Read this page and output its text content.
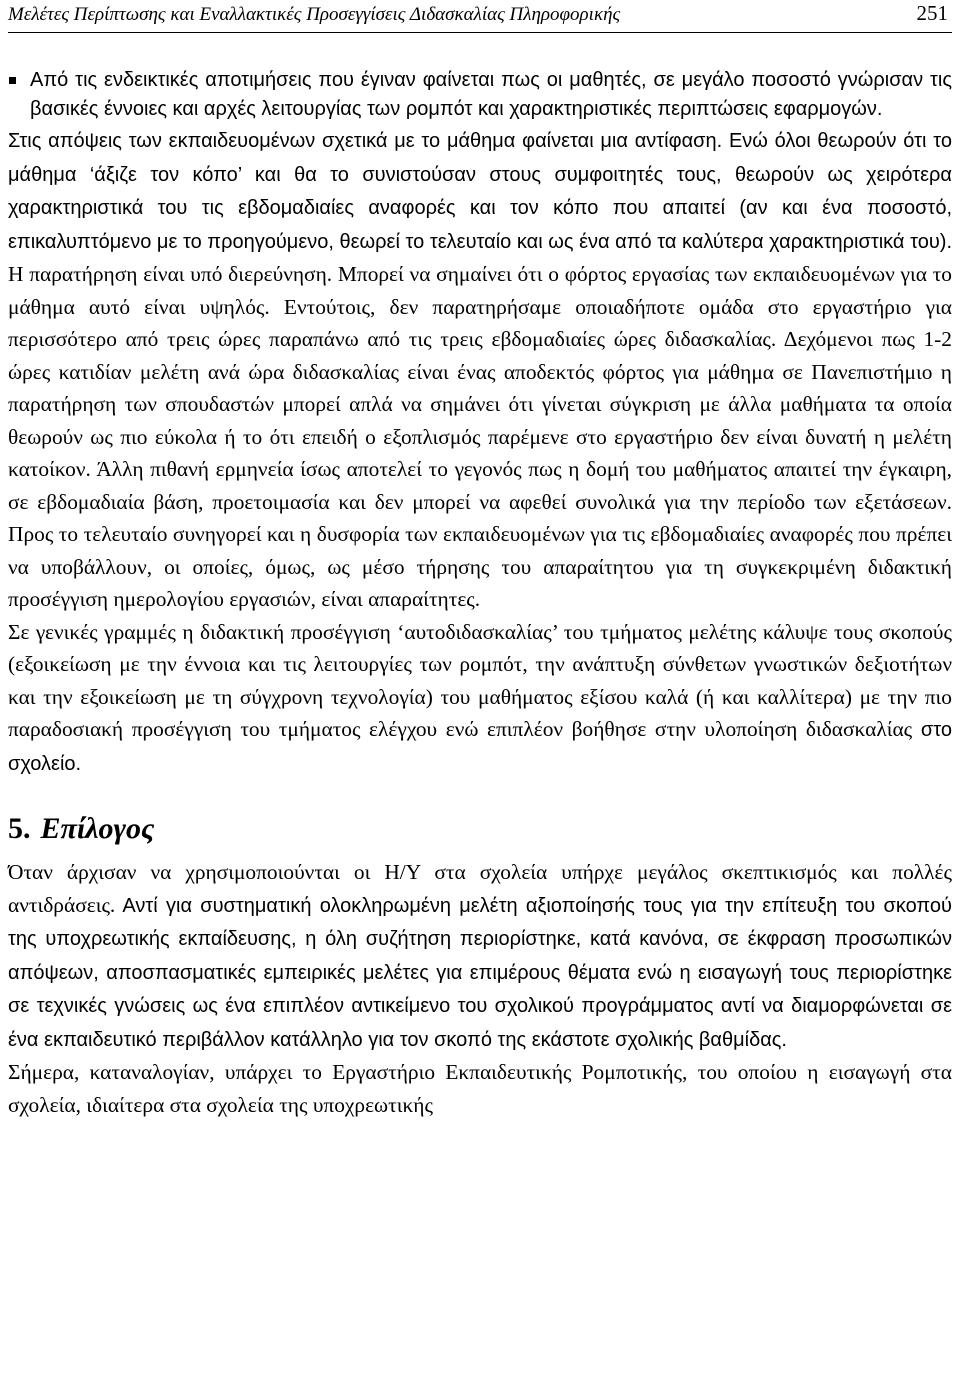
Μελέτες Περίπτωσης και Εναλλακτικές Προσεγγίσεις Διδασκαλίας Πληροφορικής	251
Από τις ενδεικτικές αποτιμήσεις που έγιναν φαίνεται πως οι μαθητές, σε μεγάλο ποσοστό γνώρισαν τις βασικές έννοιες και αρχές λειτουργίας των ρομπότ και χαρακτηριστικές περιπτώσεις εφαρμογών.

Στις απόψεις των εκπαιδευομένων σχετικά με το μάθημα φαίνεται μια αντίφαση. Ενώ όλοι θεωρούν ότι το μάθημα ‘άξιζε τον κόπο’ και θα το συνιστούσαν στους συμφοιτητές τους, θεωρούν ως χειρότερα χαρακτηριστικά του τις εβδομαδιαίες αναφορές και τον κόπο που απαιτεί (αν και ένα ποσοστό, επικαλυπτόμενο με το προηγούμενο, θεωρεί το τελευταίο και ως ένα από τα καλύτερα χαρακτηριστικά του). Η παρατήρηση είναι υπό διερεύνηση. Μπορεί να σημαίνει ότι ο φόρτος εργασίας των εκπαιδευομένων για το μάθημα αυτό είναι υψηλός. Εντούτοις, δεν παρατηρήσαμε οποιαδήποτε ομάδα στο εργαστήριο για περισσότερο από τρεις ώρες παραπάνω από τις τρεις εβδομαδιαίες ώρες διδασκαλίας. Δεχόμενοι πως 1-2 ώρες κατιδίαν μελέτη ανά ώρα διδασκαλίας είναι ένας αποδεκτός φόρτος για μάθημα σε Πανεπιστήμιο η παρατήρηση των σπουδαστών μπορεί απλά να σημάνει ότι γίνεται σύγκριση με άλλα μαθήματα τα οποία θεωρούν ως πιο εύκολα ή το ότι επειδή ο εξοπλισμός παρέμενε στο εργαστήριο δεν είναι δυνατή η μελέτη κατοίκον. Άλλη πιθανή ερμηνεία ίσως αποτελεί το γεγονός πως η δομή του μαθήματος απαιτεί την έγκαιρη, σε εβδομαδιαία βάση, προετοιμασία και δεν μπορεί να αφεθεί συνολικά για την περίοδο των εξετάσεων. Προς το τελευταίο συνηγορεί και η δυσφορία των εκπαιδευομένων για τις εβδομαδιαίες αναφορές που πρέπει να υποβάλλουν, οι οποίες, όμως, ως μέσο τήρησης του απαραίτητου για τη συγκεκριμένη διδακτική προσέγγιση ημερολογίου εργασιών, είναι απαραίτητες.

Σε γενικές γραμμές η διδακτική προσέγγιση ‘αυτοδιδασκαλίας’ του τμήματος μελέτης κάλυψε τους σκοπούς (εξοικείωση με την έννοια και τις λειτουργίες των ρομπότ, την ανάπτυξη σύνθετων γνωστικών δεξιοτήτων και την εξοικείωση με τη σύγχρονη τεχνολογία) του μαθήματος εξίσου καλά (ή και καλλίτερα) με την πιο παραδοσιακή προσέγγιση του τμήματος ελέγχου ενώ επιπλέον βοήθησε στην υλοποίηση διδασκαλίας στο σχολείο.

5. Επίλογος

Όταν άρχισαν να χρησιμοποιούνται οι Η/Υ στα σχολεία υπήρχε μεγάλος σκεπτικισμός και πολλές αντιδράσεις. Αντί για συστηματική ολοκληρωμένη μελέτη αξιοποίησής τους για την επίτευξη του σκοπού της υποχρεωτικής εκπαίδευσης, η όλη συζήτηση περιορίστηκε, κατά κανόνα, σε έκφραση προσωπικών απόψεων, αποσπασματικές εμπειρικές μελέτες για επιμέρους θέματα ενώ η εισαγωγή τους περιορίστηκε σε τεχνικές γνώσεις ως ένα επιπλέον αντικείμενο του σχολικού προγράμματος αντί να διαμορφώνεται σε ένα εκπαιδευτικό περιβάλλον κατάλληλο για τον σκοπό της εκάστοτε σχολικής βαθμίδας.

Σήμερα, καταναλογίαν, υπάρχει το Εργαστήριο Εκπαιδευτικής Ρομποτικής, του οποίου η εισαγωγή στα σχολεία, ιδιαίτερα στα σχολεία της υποχρεωτικής
